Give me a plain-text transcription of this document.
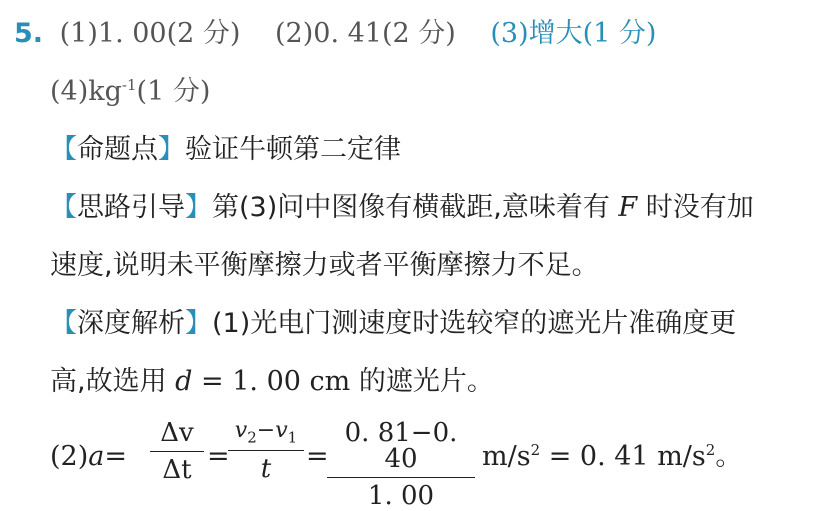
5. (1)1. 00(2 分) (2)0. 41(2 分) (3)增大(1 分)
$(4)kg^{-1}(1$ 分)
【命题点】验证牛顿第二定律
【思路引导】第(3)问中图像有横截距,意味着有 F 时没有加
速度,说明未平衡摩擦力或者平衡摩擦力不足。
【深度解析】(1)光电门测速度时选较窄的遮光片准确度更
高,故选用 d = 1. 00 cm 的遮光片。
(2)a=
Δv
Δt =
$v_2-v_1$
t	=
0. 81−0. 40
1. 00
$m/s^2 = 0$. 41 $m/s^2$。
